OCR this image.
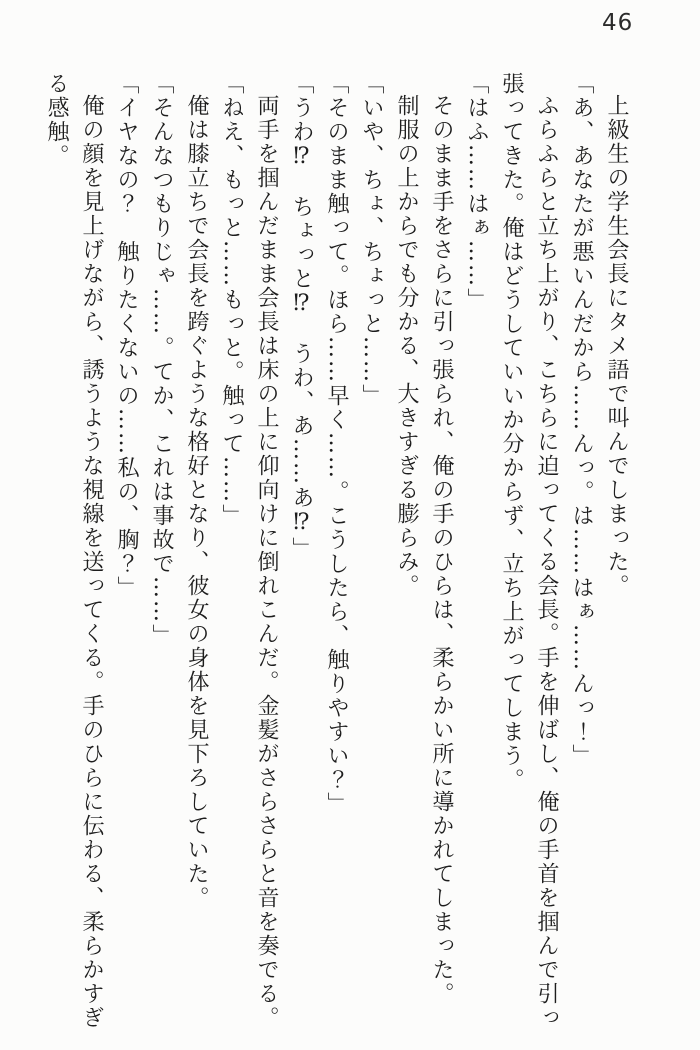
46

上級生の学生会長にタメ語で叫んでしまった。

「あ、あなたが悪いんだから……んっ。は……はぁ……んっ！」

ふらふらと立ち上がり、こちらに迫ってくる会長。手を伸ばし、俺の手首を掴んで引っ張ってきた。俺はどうしていいか分からず、立ち上がってしまう。

「はふ……はぁ……」

そのまま手をさらに引っ張られ、俺の手のひらは、柔らかい所に導かれてしまった。

制服の上からでも分かる、大きすぎる膨らみ。

「いや、ちょ、ちょっと……」

「そのまま触って。ほら……早く……。こうしたら、触りやすい？」

「うわ⁉　ちょっと⁉　うわ、あ……あ⁉」

両手を掴んだまま会長は床の上に仰向けに倒れこんだ。金髪がさらさらと音を奏でる。

「ねえ、もっと……もっと。触って……」

俺は膝立ちで会長を跨ぐような格好となり、彼女の身体を見下ろしていた。

「そんなつもりじゃ……。てか、これは事故で……」

「イヤなの？　触りたくないの……私の、胸？」

俺の顔を見上げながら、誘うような視線を送ってくる。手のひらに伝わる、柔らかすぎる感触。
